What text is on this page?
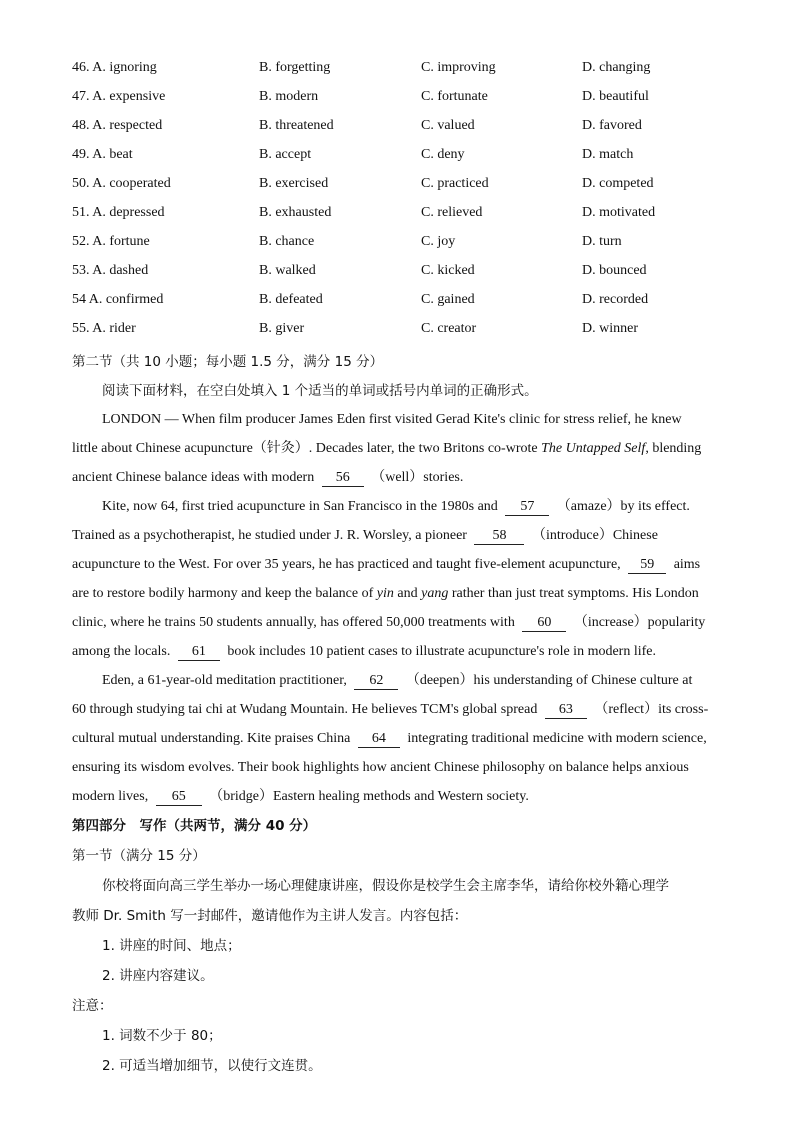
46. A. ignoring	B. forgetting	C. improving	D. changing
47. A. expensive	B. modern	C. fortunate	D. beautiful
48. A. respected	B. threatened	C. valued	D. favored
49. A. beat	B. accept	C. deny	D. match
50. A. cooperated	B. exercised	C. practiced	D. competed
51. A. depressed	B. exhausted	C. relieved	D. motivated
52. A. fortune	B. chance	C. joy	D. turn
53. A. dashed	B. walked	C. kicked	D. bounced
54 A. confirmed	B. defeated	C. gained	D. recorded
55. A. rider	B. giver	C. creator	D. winner
第二节（共 10 小题；每小题 1.5 分，满分 15 分）
阅读下面材料，在空白处填入 1 个适当的单词或括号内单词的正确形式。
LONDON — When film producer James Eden first visited Gerad Kite's clinic for stress relief, he knew
little about Chinese acupuncture（针灸）. Decades later, the two Britons co-wrote The Untapped Self, blending
ancient Chinese balance ideas with modern 56 （well）stories.
Kite, now 64, first tried acupuncture in San Francisco in the 1980s and 57 （amaze）by its effect.
Trained as a psychotherapist, he studied under J. R. Worsley, a pioneer 58 （introduce）Chinese
acupuncture to the West. For over 35 years, he has practiced and taught five-element acupuncture, 59 aims
are to restore bodily harmony and keep the balance of yin and yang rather than just treat symptoms. His London
clinic, where he trains 50 students annually, has offered 50,000 treatments with 60 （increase）popularity
among the locals. 61 book includes 10 patient cases to illustrate acupuncture's role in modern life.
Eden, a 61-year-old meditation practitioner, 62 （deepen）his understanding of Chinese culture at
60 through studying tai chi at Wudang Mountain. He believes TCM's global spread 63 （reflect）its cross-
cultural mutual understanding. Kite praises China 64 integrating traditional medicine with modern science,
ensuring its wisdom evolves. Their book highlights how ancient Chinese philosophy on balance helps anxious
modern lives, 65 （bridge）Eastern healing methods and Western society.
第四部分　写作（共两节，满分 40 分）
第一节（满分 15 分）
你校将面向高三学生举办一场心理健康讲座，假设你是校学生会主席李华，请给你校外籍心理学
教师 Dr. Smith 写一封邮件，邀请他作为主讲人发言。内容包括：
1. 讲座的时间、地点；
2. 讲座内容建议。
注意：
1. 词数不少于 80；
2. 可适当增加细节，以使行文连贯。
